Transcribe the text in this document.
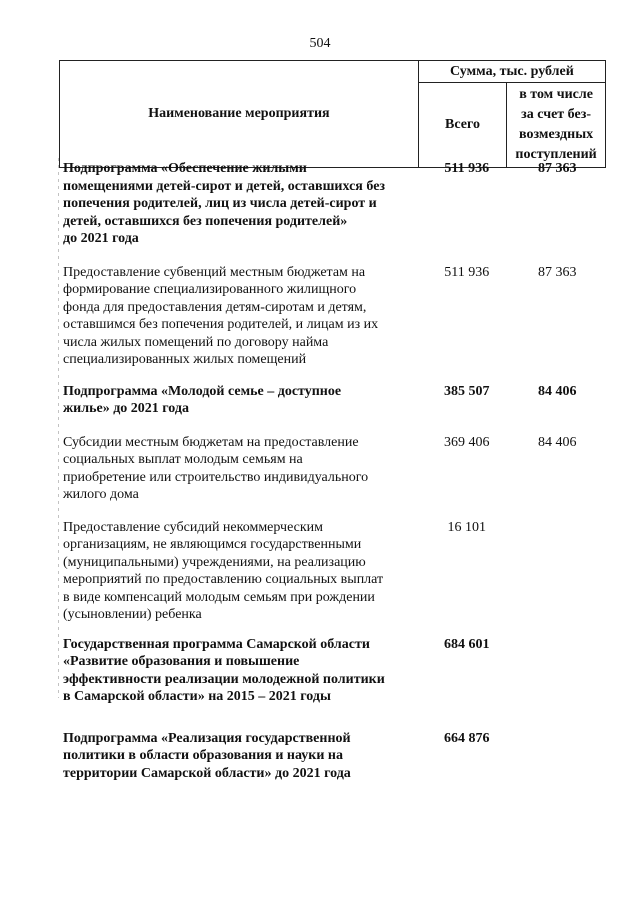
504
Наименование мероприятия	Сумма, тыс. рублей	
	Всего	в том числе
за счет без-
возмездных
поступлений
Подпрограмма «Обеспечение жилыми
помещениями детей-сирот и детей, оставшихся без
попечения родителей, лиц из числа детей-сирот и
детей, оставшихся без попечения родителей»
до 2021 года
511 936	87 363
Предоставление субвенций местным бюджетам на
формирование специализированного жилищного
фонда для предоставления детям-сиротам и детям,
оставшимся без попечения родителей, и лицам из их
числа жилых помещений по договору найма
специализированных жилых помещений
511 936	87 363
Подпрограмма «Молодой семье – доступное
жилье» до 2021 года
385 507	84 406
Субсидии местным бюджетам на предоставление
социальных выплат молодым семьям на
приобретение или строительство индивидуального
жилого дома
369 406	84 406
Предоставление субсидий некоммерческим
организациям, не являющимся государственными
(муниципальными) учреждениями, на реализацию
мероприятий по предоставлению социальных выплат
в виде компенсаций молодым семьям при рождении
(усыновлении) ребенка
16 101
Государственная программа Самарской области
«Развитие образования и повышение
эффективности реализации молодежной политики
в Самарской области» на 2015 – 2021 годы
684 601
Подпрограмма «Реализация государственной
политики в области образования и науки на
территории Самарской области» до 2021 года
664 876
